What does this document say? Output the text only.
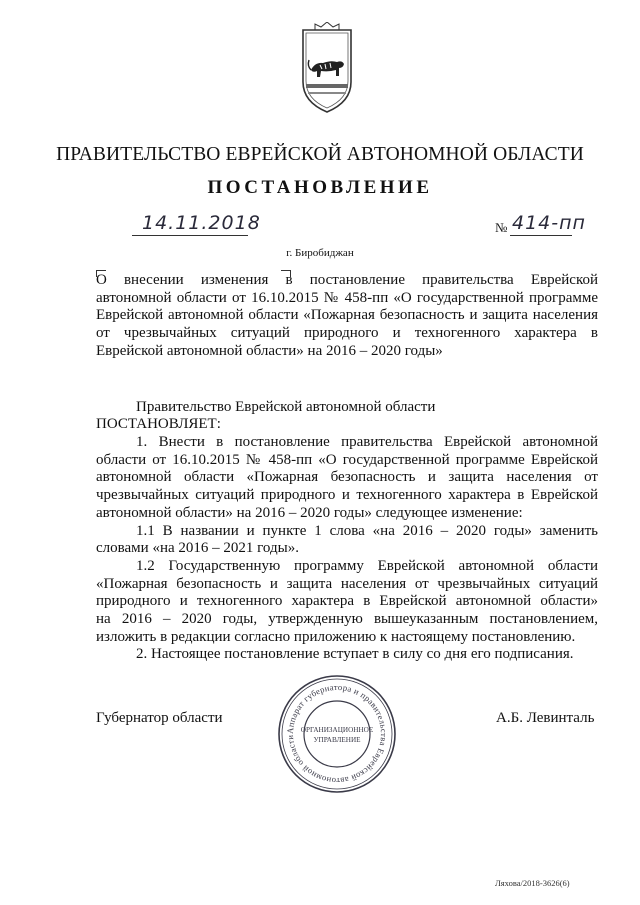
ПРАВИТЕЛЬСТВО ЕВРЕЙСКОЙ АВТОНОМНОЙ ОБЛАСТИ
ПОСТАНОВЛЕНИЕ
14.11.2018	№ 414-пп
г. Биробиджан
О внесении изменения в постановление правительства Еврейской
автономной области от 16.10.2015 № 458-пп «О государственной программе
Еврейской автономной области «Пожарная безопасность и защита населения
от чрезвычайных ситуаций природного и техногенного характера в
Еврейской автономной области» на 2016 – 2020 годы»
Правительство Еврейской автономной области
ПОСТАНОВЛЯЕТ:
1. Внести в постановление правительства Еврейской автономной
области от 16.10.2015 № 458-пп «О государственной программе Еврейской
автономной области «Пожарная безопасность и защита населения от
чрезвычайных ситуаций природного и техногенного характера в Еврейской
автономной области» на 2016 – 2020 годы» следующее изменение:
1.1 В названии и пункте 1 слова «на 2016 – 2020 годы» заменить
словами «на 2016 – 2021 годы».
1.2 Государственную программу Еврейской автономной области
«Пожарная безопасность и защита населения от чрезвычайных ситуаций
природного и техногенного характера в Еврейской автономной области»
на 2016 – 2020 годы, утвержденную вышеуказанным постановлением,
изложить в редакции согласно приложению к настоящему постановлению.
2. Настоящее постановление вступает в силу со дня его подписания.
Губернатор области	А.Б. Левинталь
Аппарат губернатора и правительства Еврейской автономной области
ОРГАНИЗАЦИОННОЕ
УПРАВЛЕНИЕ
Ляхова/2018-3626(6)
